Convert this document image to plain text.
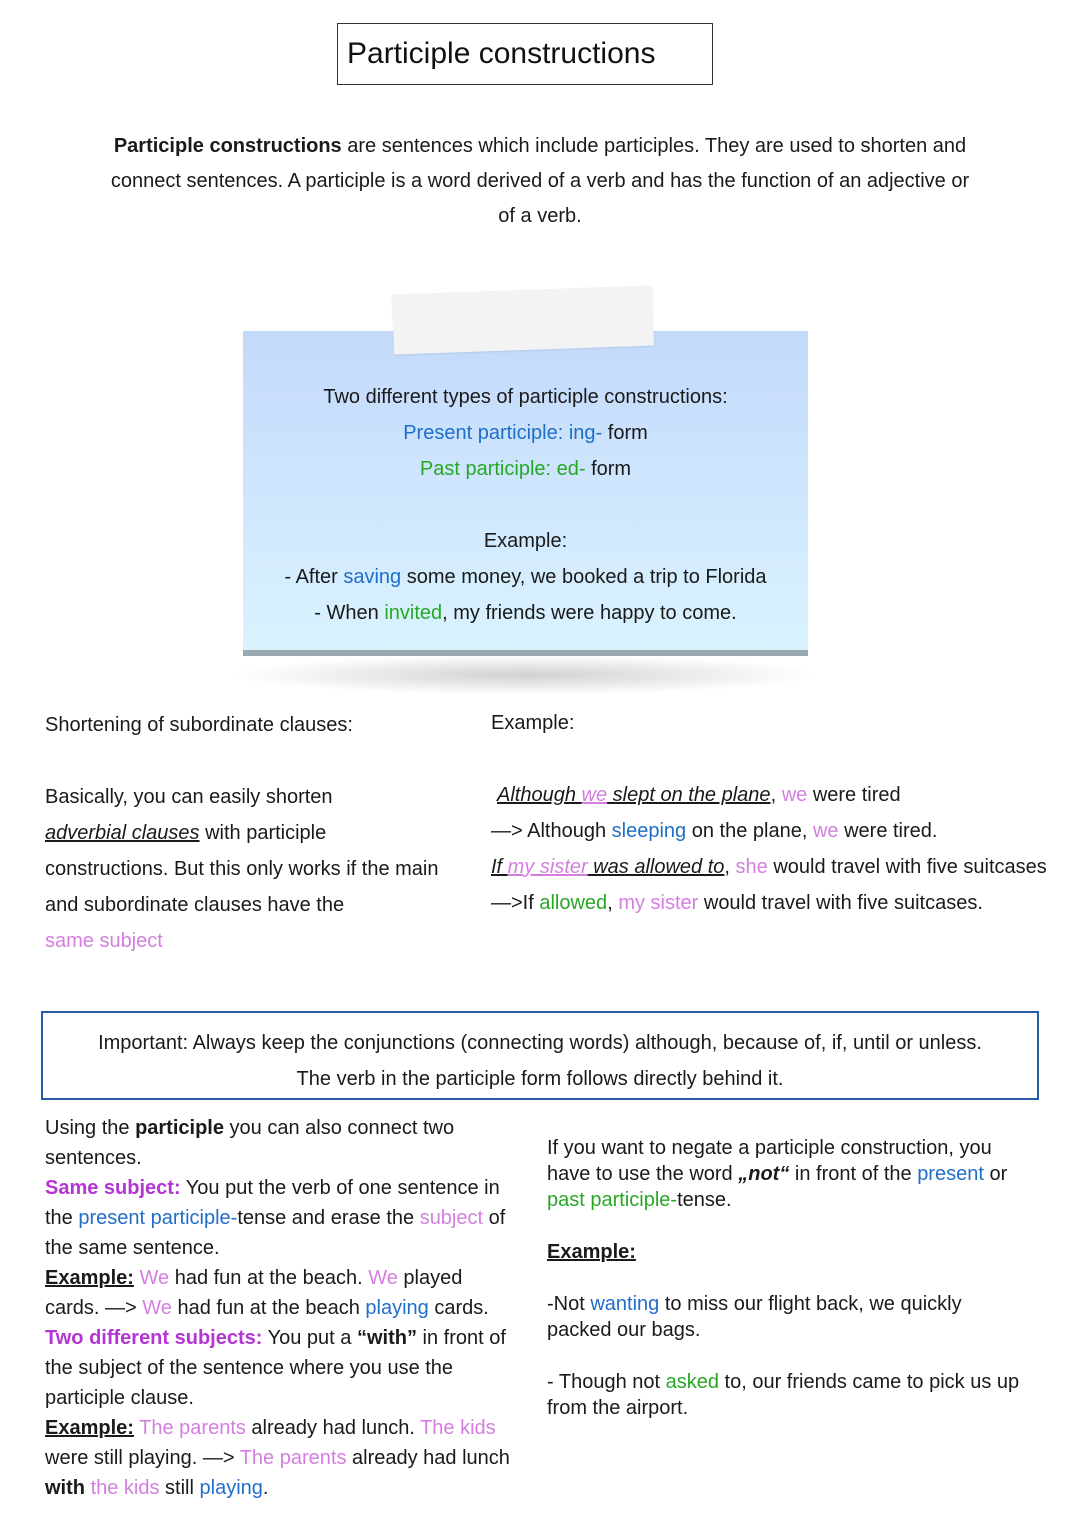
Participle constructions
Participle constructions are sentences which include participles. They are used to shorten and connect sentences. A participle is a word derived of a verb and has the function of an adjective or of a verb.

Two different types of participle constructions:

Present participle: ing- form

Past participle: ed- form

Example:

- After saving some money, we booked a trip to Florida

- When invited, my friends were happy to come.

Shortening of subordinate clauses:

Basically, you can easily shorten
adverbial clauses with participle constructions. But this only works if the main and subordinate clauses have the
same subject

Example:

Although we slept on the plane, we were tired

—> Although sleeping on the plane, we were tired.

If my sister was allowed to, she would travel with five suitcases

—>If allowed, my sister would travel with five suitcases.

Important: Always keep the conjunctions (connecting words) although, because of, if, until or unless.

The verb in the participle form follows directly behind it.

Using the participle you can also connect two sentences.

Same subject: You put the verb of one sentence in the present participle-tense and erase the subject of the same sentence.

Example: We had fun at the beach. We played cards. —> We had fun at the beach playing cards.

Two different subjects: You put a “with” in front of the subject of the sentence where you use the participle clause.

Example: The parents already had lunch. The kids were still playing. —> The parents already had lunch with the kids still playing.

If you want to negate a participle construction, you have to use the word „not“ in front of the present or past participle-tense.

Example:

-Not wanting to miss our flight back, we quickly packed our bags.

- Though not asked to, our friends came to pick us up from the airport.
